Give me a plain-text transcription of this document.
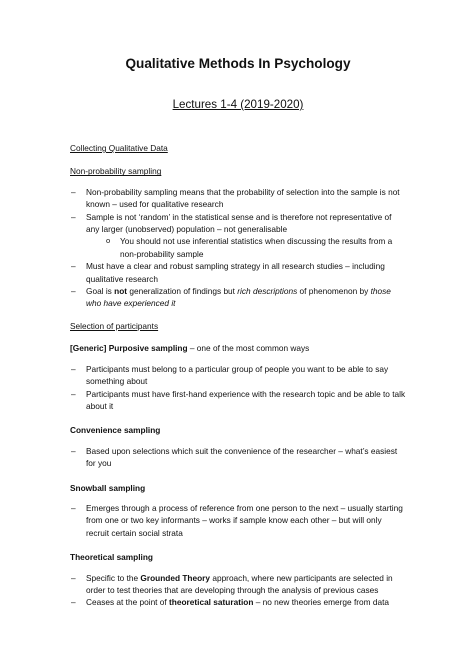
Qualitative Methods In Psychology
Lectures 1-4 (2019-2020)
Collecting Qualitative Data
Non-probability sampling
– Non-probability sampling means that the probability of selection into the sample is not known – used for qualitative research
– Sample is not ‘random’ in the statistical sense and is therefore not representative of any larger (unobserved) population – not generalisable
o You should not use inferential statistics when discussing the results from a non-probability sample
– Must have a clear and robust sampling strategy in all research studies – including qualitative research
– Goal is not generalization of findings but rich descriptions of phenomenon by those who have experienced it
Selection of participants
[Generic] Purposive sampling – one of the most common ways
– Participants must belong to a particular group of people you want to be able to say something about
– Participants must have first-hand experience with the research topic and be able to talk about it
Convenience sampling
– Based upon selections which suit the convenience of the researcher – what’s easiest for you
Snowball sampling
– Emerges through a process of reference from one person to the next – usually starting from one or two key informants – works if sample know each other – but will only recruit certain social strata
Theoretical sampling
– Specific to the Grounded Theory approach, where new participants are selected in order to test theories that are developing through the analysis of previous cases
– Ceases at the point of theoretical saturation – no new theories emerge from data
